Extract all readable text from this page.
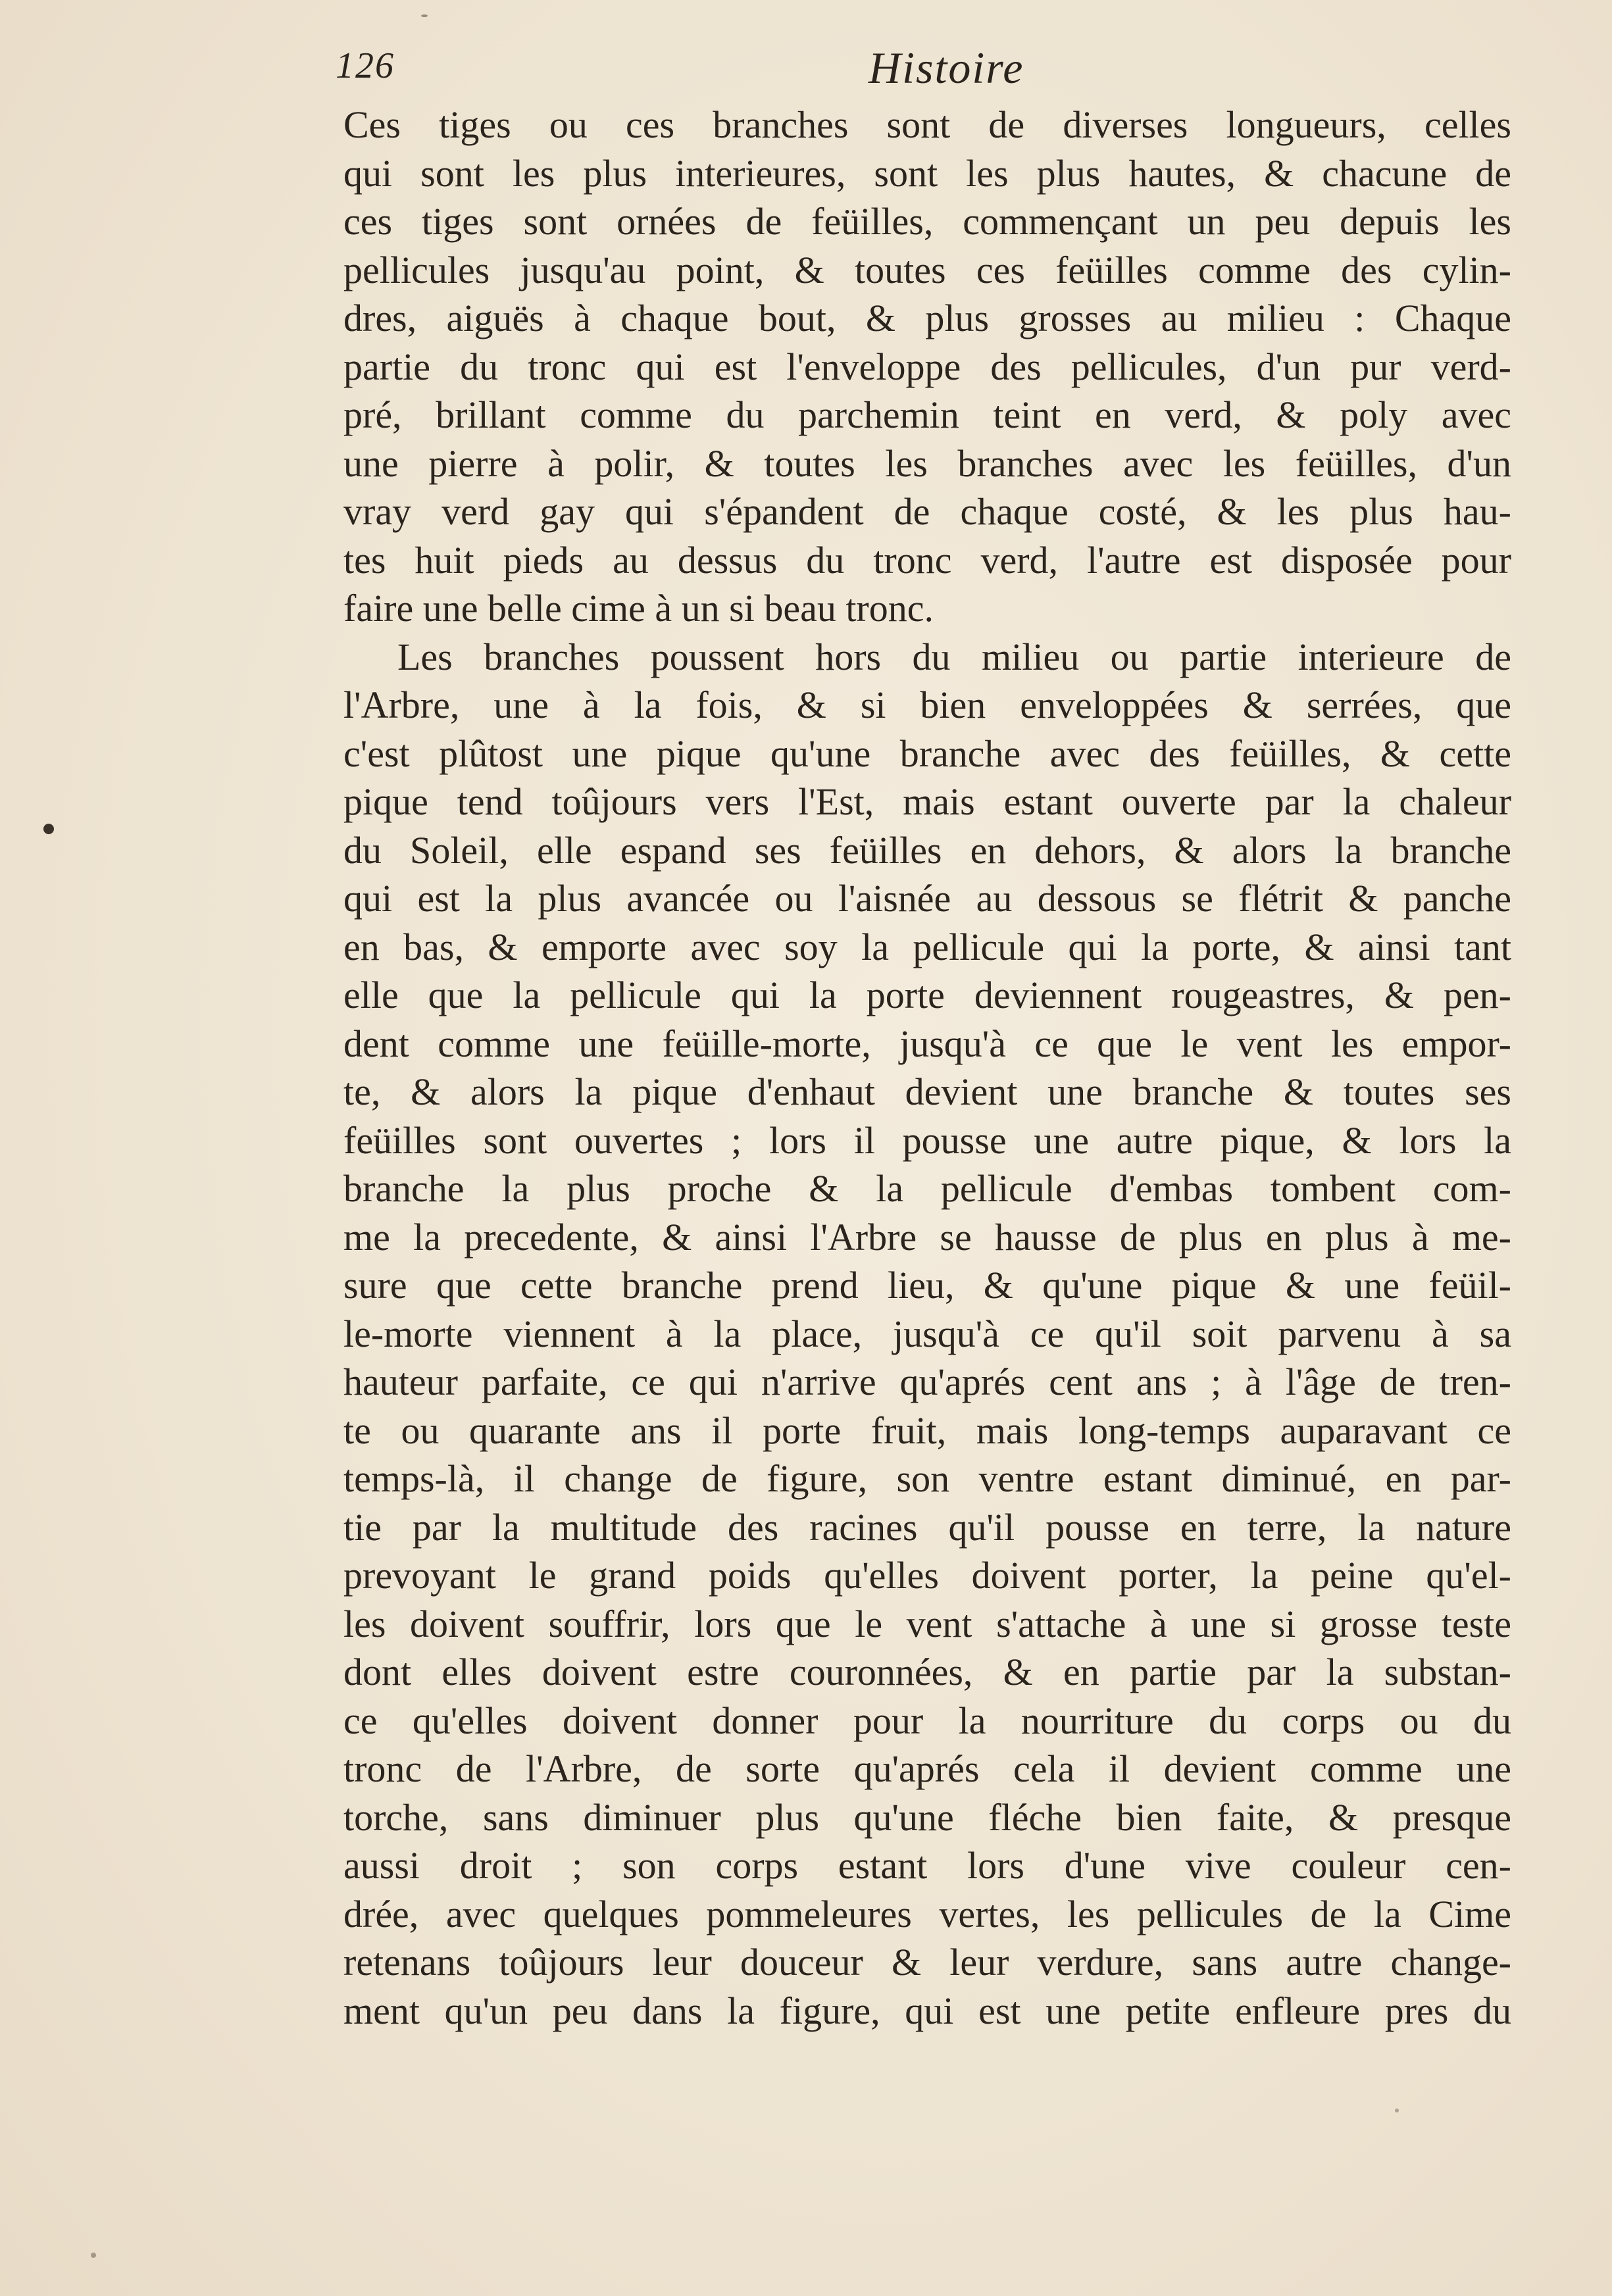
126	Histoire
Ces tiges ou ces branches sont de diverses longueurs, celles
qui sont les plus interieures, sont les plus hautes, & chacune de
ces tiges sont ornées de feüilles, commençant un peu depuis les
pellicules jusqu'au point, & toutes ces feüilles comme des cylin-
dres, aiguës à chaque bout, & plus grosses au milieu : Chaque
partie du tronc qui est l'enveloppe des pellicules, d'un pur verd-
pré, brillant comme du parchemin teint en verd, & poly avec
une pierre à polir, & toutes les branches avec les feüilles, d'un
vray verd gay qui s'épandent de chaque costé, & les plus hau-
tes huit pieds au dessus du tronc verd, l'autre est disposée pour
faire une belle cime à un si beau tronc.
Les branches poussent hors du milieu ou partie interieure de
l'Arbre, une à la fois, & si bien enveloppées & serrées, que
c'est plûtost une pique qu'une branche avec des feüilles, & cette
pique tend toûjours vers l'Est, mais estant ouverte par la chaleur
du Soleil, elle espand ses feüilles en dehors, & alors la branche
qui est la plus avancée ou l'aisnée au dessous se flétrit & panche
en bas, & emporte avec soy la pellicule qui la porte, & ainsi tant
elle que la pellicule qui la porte deviennent rougeastres, & pen-
dent comme une feüille-morte, jusqu'à ce que le vent les empor-
te, & alors la pique d'enhaut devient une branche & toutes ses
feüilles sont ouvertes ; lors il pousse une autre pique, & lors la
branche la plus proche & la pellicule d'embas tombent com-
me la precedente, & ainsi l'Arbre se hausse de plus en plus à me-
sure que cette branche prend lieu, & qu'une pique & une feüil-
le-morte viennent à la place, jusqu'à ce qu'il soit parvenu à sa
hauteur parfaite, ce qui n'arrive qu'aprés cent ans ; à l'âge de tren-
te ou quarante ans il porte fruit, mais long-temps auparavant ce
temps-là, il change de figure, son ventre estant diminué, en par-
tie par la multitude des racines qu'il pousse en terre, la nature
prevoyant le grand poids qu'elles doivent porter, la peine qu'el-
les doivent souffrir, lors que le vent s'attache à une si grosse teste
dont elles doivent estre couronnées, & en partie par la substan-
ce qu'elles doivent donner pour la nourriture du corps ou du
tronc de l'Arbre, de sorte qu'aprés cela il devient comme une
torche, sans diminuer plus qu'une fléche bien faite, & presque
aussi droit ; son corps estant lors d'une vive couleur cen-
drée, avec quelques pommeleures vertes, les pellicules de la Cime
retenans toûjours leur douceur & leur verdure, sans autre change-
ment qu'un peu dans la figure, qui est une petite enfleure pres du
